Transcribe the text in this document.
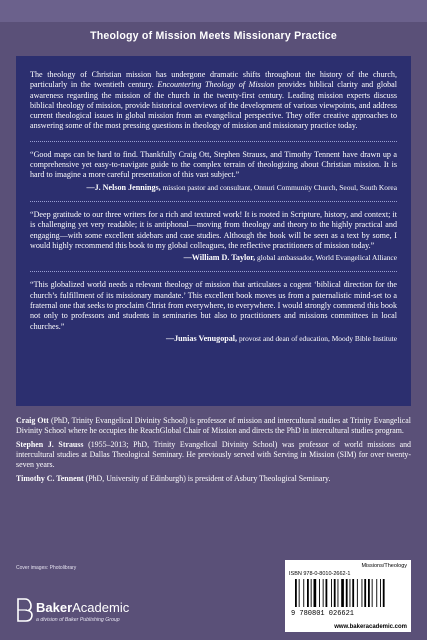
Theology of Mission Meets Missionary Practice

The theology of Christian mission has undergone dramatic shifts throughout the history of the church, particularly in the twentieth century. Encountering Theology of Mission provides biblical clarity and global awareness regarding the mission of the church in the twenty-first century. Leading mission experts discuss biblical theology of mission, provide historical overviews of the development of various viewpoints, and address current theological issues in global mission from an evangelical perspective. They offer creative approaches to answering some of the most pressing questions in theology of mission and missionary practice today.

“Good maps can be hard to find. Thankfully Craig Ott, Stephen Strauss, and Timothy Tennent have drawn up a comprehensive yet easy-to-navigate guide to the complex terrain of theologizing about Christian mission. It is hard to imagine a more careful presentation of this vast subject.”

—J. Nelson Jennings, mission pastor and consultant, Onnuri Community Church, Seoul, South Korea

“Deep gratitude to our three writers for a rich and textured work! It is rooted in Scripture, history, and context; it is challenging yet very readable; it is antiphonal—moving from theology and theory to the highly practical and engaging—with some excellent sidebars and case studies. Although the book will be seen as a text by some, I would highly recommend this book to my global colleagues, the reflective practitioners of mission today.”

—William D. Taylor, global ambassador, World Evangelical Alliance

“This globalized world needs a relevant theology of mission that articulates a cogent ‘biblical direction for the church’s fulfillment of its missionary mandate.’ This excellent book moves us from a paternalistic mind-set to a fraternal one that seeks to proclaim Christ from everywhere, to everywhere. I would strongly commend this book not only to professors and students in seminaries but also to practitioners and missions committees in local churches.”

—Junias Venugopal, provost and dean of education, Moody Bible Institute

Craig Ott (PhD, Trinity Evangelical Divinity School) is professor of mission and intercultural studies at Trinity Evangelical Divinity School where he occupies the ReachGlobal Chair of Mission and directs the PhD in intercultural studies program.

Stephen J. Strauss (1955–2013; PhD, Trinity Evangelical Divinity School) was professor of world missions and intercultural studies at Dallas Theological Seminary. He previously served with Serving in Mission (SIM) for over twenty-seven years.

Timothy C. Tennent (PhD, University of Edinburgh) is president of Asbury Theological Seminary.

Cover images: Photolibrary
BakerAcademic
a division of Baker Publishing Group
Missions/Theology
ISBN 978-0-8010-2662-1
9 780801 026621
www.bakeracademic.com
